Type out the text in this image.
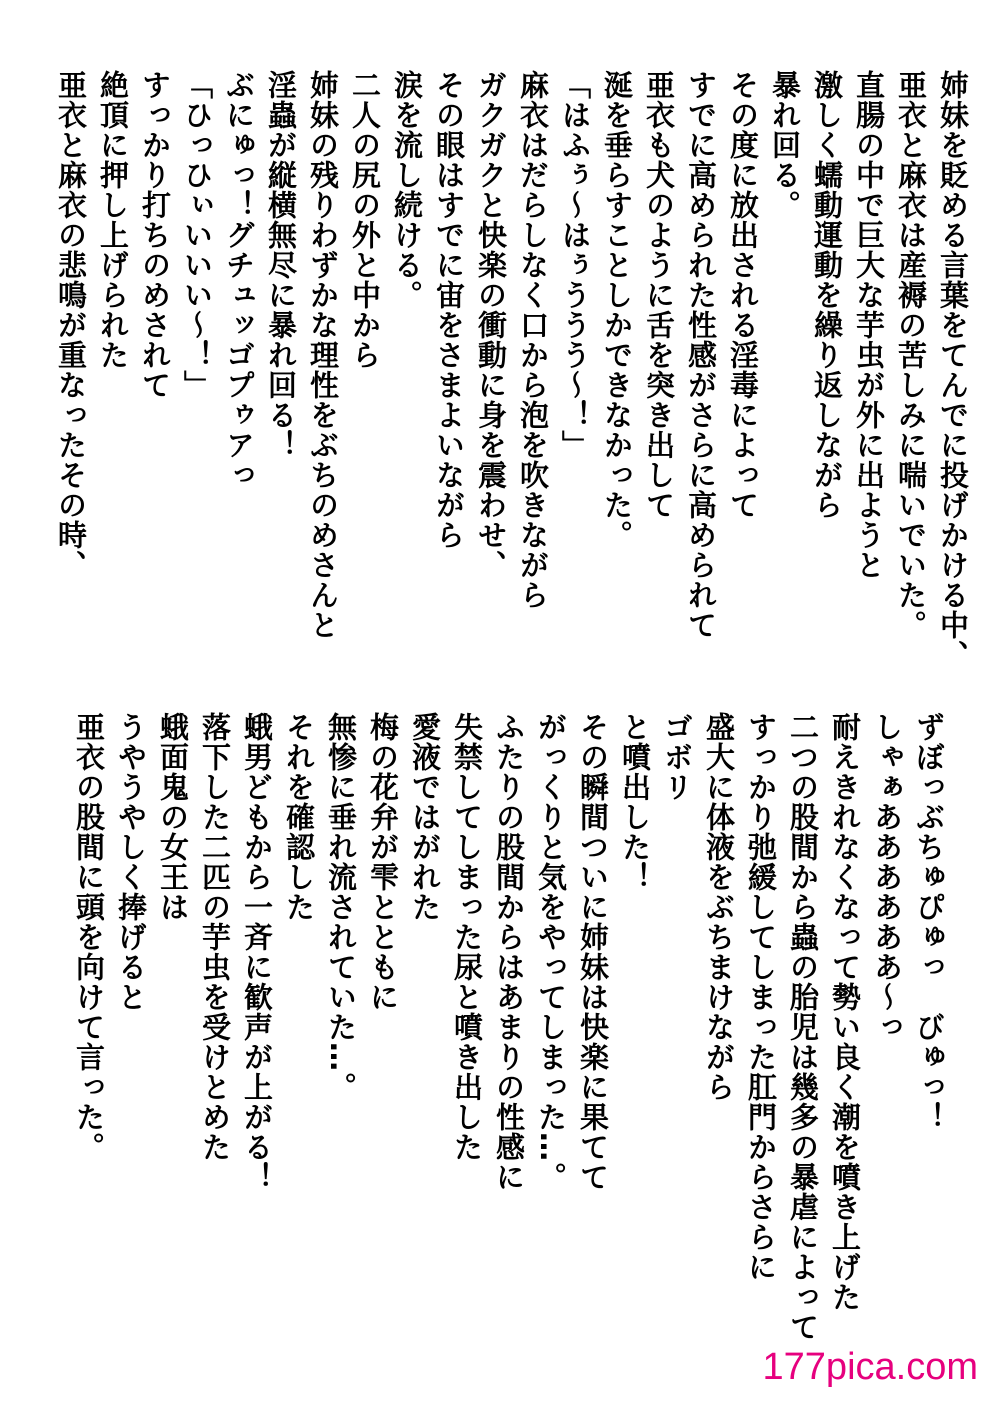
姉妹を貶める言葉をてんでに投げかける中、

亜衣と麻衣は産褥の苦しみに喘いでいた。

直腸の中で巨大な芋虫が外に出ようと

激しく蠕動運動を繰り返しながら

暴れ回る。

その度に放出される淫毒によって

すでに高められた性感がさらに高められて

亜衣も犬のように舌を突き出して

涎を垂らすことしかできなかった。

「はふぅ～はぅううう～！」

麻衣はだらしなく口から泡を吹きながら

ガクガクと快楽の衝動に身を震わせ、

その眼はすでに宙をさまよいながら

涙を流し続ける。

二人の尻の外と中から

姉妹の残りわずかな理性をぶちのめさんと

淫蟲が縦横無尽に暴れ回る！

ぶにゅっ！グチュッゴプゥアっ

「ひっひぃいいい～！」

すっかり打ちのめされて

絶頂に押し上げられた

亜衣と麻衣の悲鳴が重なったその時、

ずぼっぶちゅぴゅっ　びゅっ！

しゃぁああああああ～っ

耐えきれなくなって勢い良く潮を噴き上げた

二つの股間から蟲の胎児は幾多の暴虐によって

すっかり弛緩してしまった肛門からさらに

盛大に体液をぶちまけながら

ゴボリ

と噴出した！

その瞬間ついに姉妹は快楽に果てて

がっくりと気をやってしまった…。

ふたりの股間からはあまりの性感に

失禁してしまった尿と噴き出した

愛液ではがれた

梅の花弁が雫とともに

無惨に垂れ流されていた…。

それを確認した

蛾男どもから一斉に歓声が上がる！

落下した二匹の芋虫を受けとめた

蛾面鬼の女王は

うやうやしく捧げると

亜衣の股間に頭を向けて言った。

177pica.com
